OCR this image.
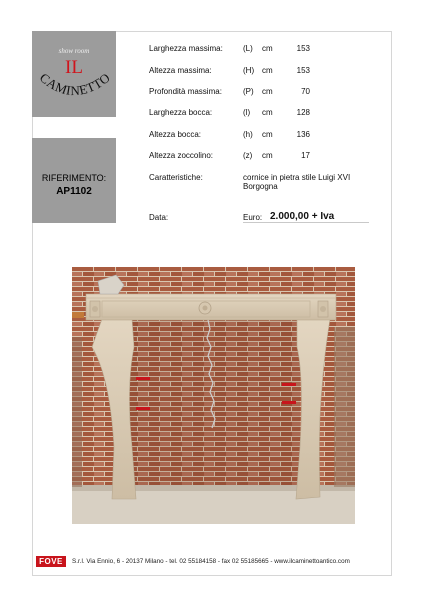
show room
IL
CAMINETTO
RIFERIMENTO:
AP1102
Larghezza massima:	(L) cm	153
Altezza massima:	(H) cm	153
Profondità massima:	(P) cm	70
Larghezza bocca:	(l) cm	128
Altezza bocca:	(h) cm	136
Altezza zoccolino:	(z) cm	17
Caratteristiche:	cornice in pietra stile Luigi XVI
Borgogna
Data:	Euro: 2.000,00 + Iva
FOVE	S.r.l. Via Ennio, 6 - 20137 Milano - tel. 02 55184158 - fax 02 55185665 - www.ilcaminettoantico.com
